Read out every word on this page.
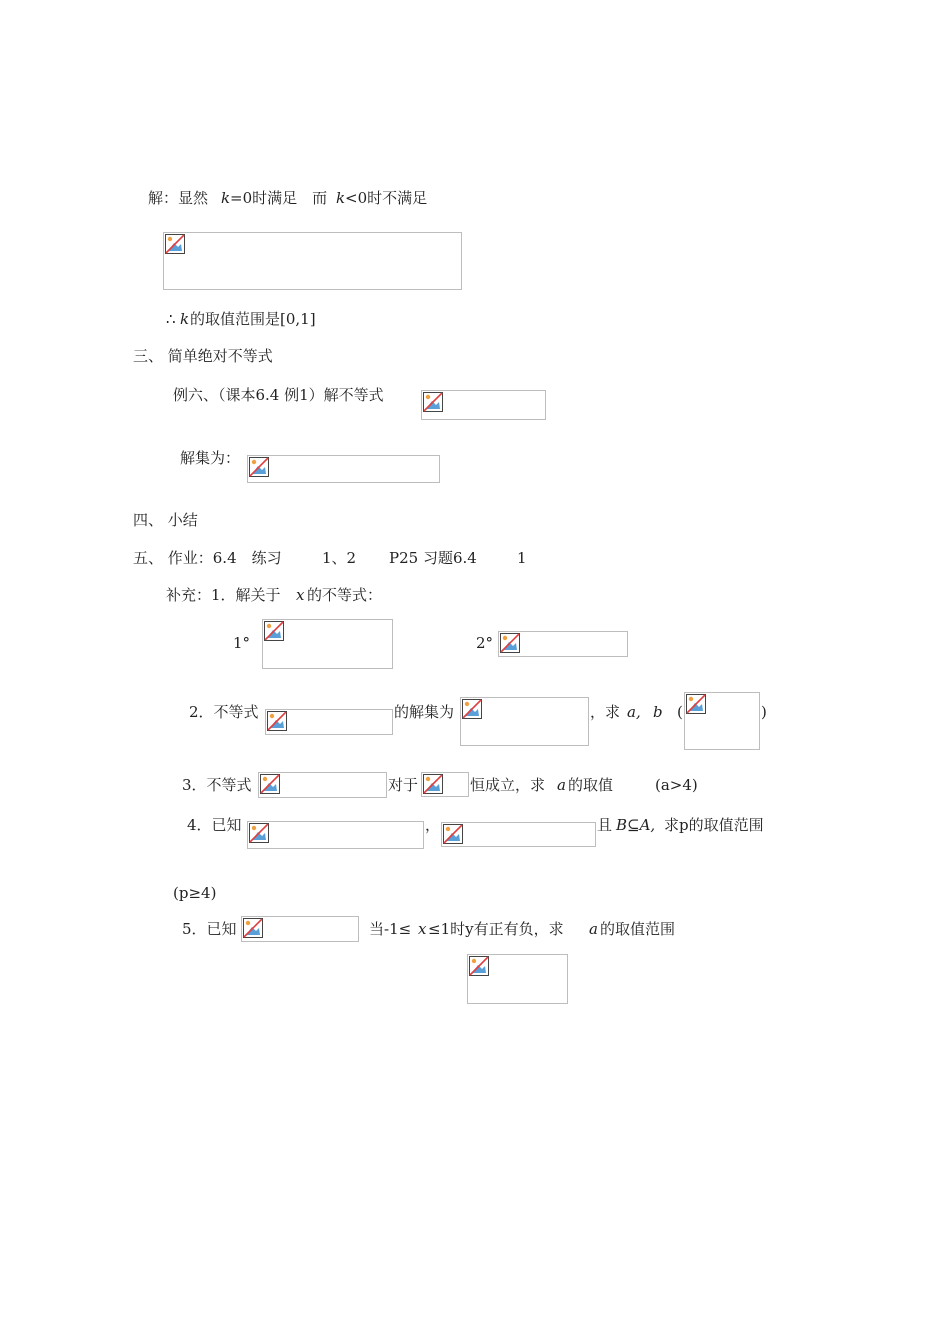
解：显然 k =0时满足　而 k <0时不满足
∴ k 的取值范围是[0,1]
三、 简单绝对不等式
例六、（课本6.4 例1）解不等式
解集为：
四、 小结
五、 作业：6.4　练习	1、2 P25 习题6.4	1
补充：1．解关于 x 的不等式：
1°	2°
2．不等式	的解集为	，求 a, b (	)
3．不等式	对于	恒成立，求 a 的取值	(a>4)
4．已知	，	且 B⊆A, 求p的取值范围
(p≥4)
5．已知	当-1≤ x ≤1时y有正有负，求 a 的取值范围
